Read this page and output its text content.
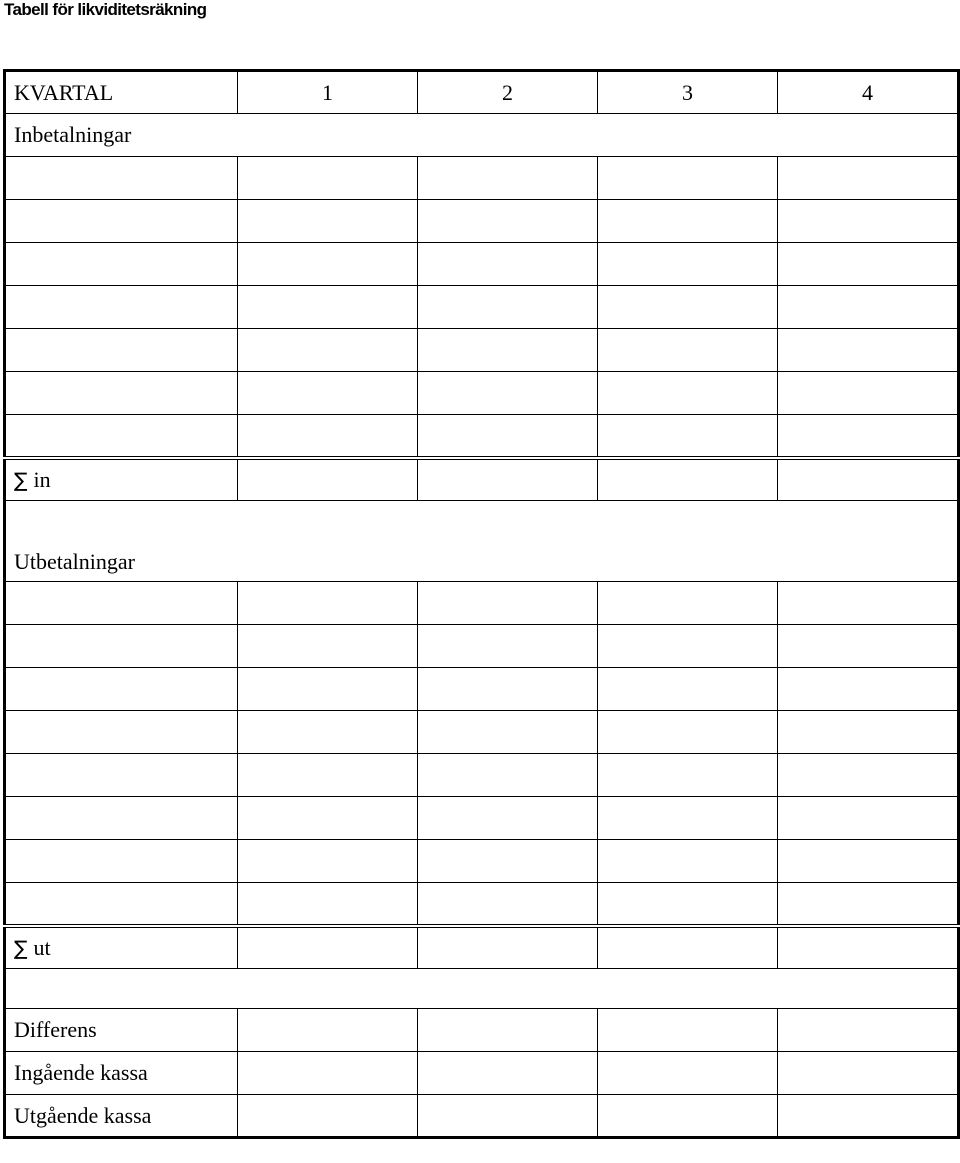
Tabell för likviditetsräkning
KVARTAL	1	2	3	4
Inbetalningar				

∑ in				
Utbetalningar				

∑ ut				

Differens				
Ingående kassa				
Utgående kassa				
